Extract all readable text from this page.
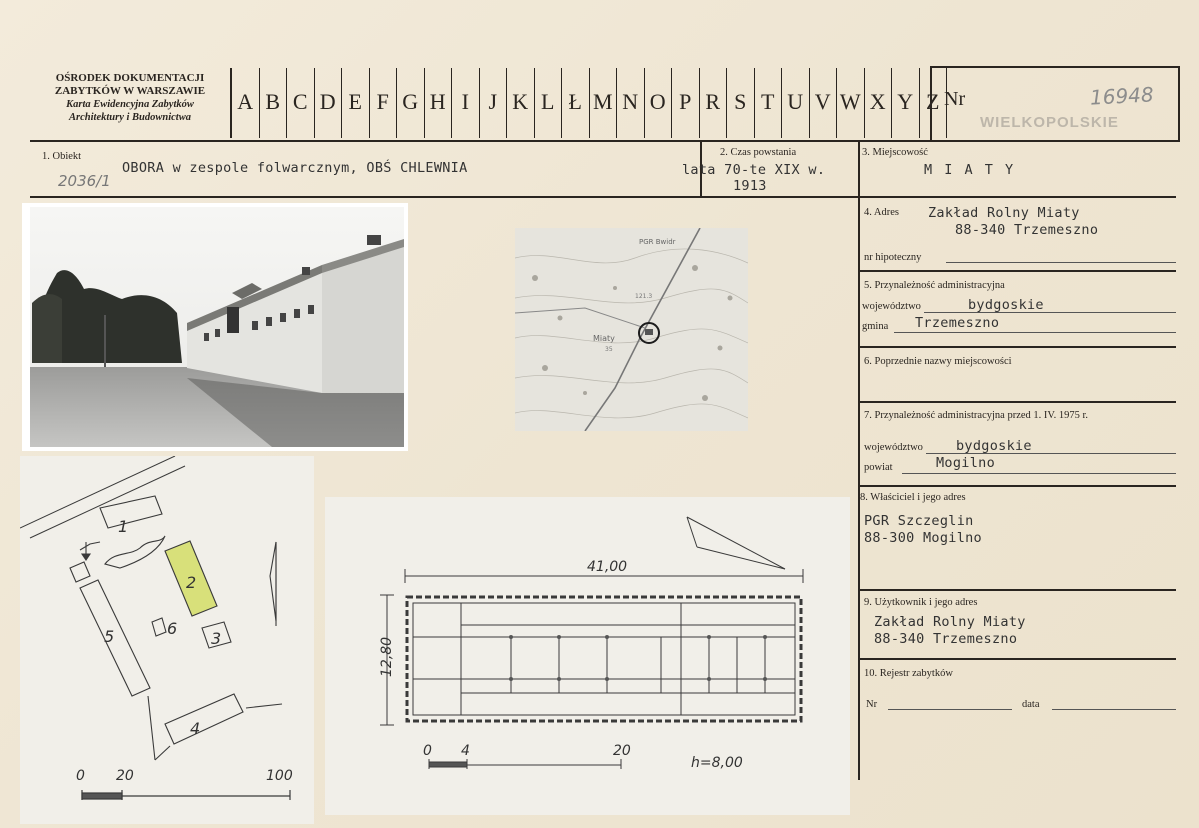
OŚRODEK DOKUMENTACJI
ZABYTKÓW W WARSZAWIE
Karta Ewidencyjna Zabytków
Architektury i Budownictwa
A B C D E F G H I J K L Ł M N O P R S T U V W X Y Z Nr	16948
WIELKOPOLSKIE
1. Obiekt
OBORA w zespole folwarcznym, OBŚ CHLEWNIA
2036/1
2. Czas powstania
lata 70-te XIX w.
1913
3. Miejscowość
M I A T Y
4. Adres Zakład Rolny Miaty
88-340 Trzemeszno
nr hipoteczny
5. Przynależność administracyjna
województwo	bydgoskie
gmina Trzemeszno
6. Poprzednie nazwy miejscowości
7. Przynależność administracyjna przed 1. IV. 1975 r.
województwo bydgoskie
powiat	Mogilno
8. Właściciel i jego adres
PGR Szczeglin
88-300 Mogilno
9. Użytkownik i jego adres
Zakład Rolny Miaty
88-340 Trzemeszno
10. Rejestr zabytków
Nr	data
PGR Bwidr
Miaty
35
121.3
1
2
3
4
5	6
0 20	100
41,00
12,80
0 4	20
h=8,00
